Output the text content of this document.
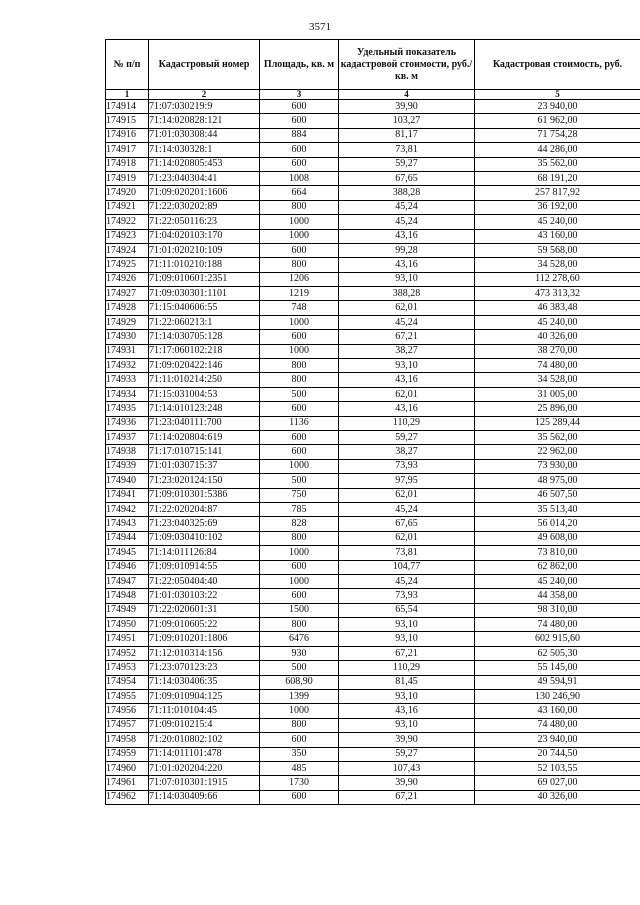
3571
№ п/п	Кадастровый номер	Площадь, кв. м	Удельный показатель кадастровой стоимости, руб./кв. м	Кадастровая стоимость, руб.
1	2	3	4	5
174914	71:07:030219:9	600	39,90	23 940,00
174915	71:14:020828:121	600	103,27	61 962,00
174916	71:01:030308:44	884	81,17	71 754,28
174917	71:14:030328:1	600	73,81	44 286,00
174918	71:14:020805:453	600	59,27	35 562,00
174919	71:23:040304:41	1008	67,65	68 191,20
174920	71:09:020201:1606	664	388,28	257 817,92
174921	71:22:030202:89	800	45,24	36 192,00
174922	71:22:050116:23	1000	45,24	45 240,00
174923	71:04:020103:170	1000	43,16	43 160,00
174924	71:01:020210:109	600	99,28	59 568,00
174925	71:11:010210:188	800	43,16	34 528,00
174926	71:09:010601:2351	1206	93,10	112 278,60
174927	71:09:030301:1101	1219	388,28	473 313,32
174928	71:15:040606:55	748	62,01	46 383,48
174929	71:22:060213:1	1000	45,24	45 240,00
174930	71:14:030705:128	600	67,21	40 326,00
174931	71:17:060102:218	1000	38,27	38 270,00
174932	71:09:020422:146	800	93,10	74 480,00
174933	71:11:010214:250	800	43,16	34 528,00
174934	71:15:031004:53	500	62,01	31 005,00
174935	71:14:010123:248	600	43,16	25 896,00
174936	71:23:040111:700	1136	110,29	125 289,44
174937	71:14:020804:619	600	59,27	35 562,00
174938	71:17:010715:141	600	38,27	22 962,00
174939	71:01:030715:37	1000	73,93	73 930,00
174940	71:23:020124:150	500	97,95	48 975,00
174941	71:09:010301:5386	750	62,01	46 507,50
174942	71:22:020204:87	785	45,24	35 513,40
174943	71:23:040325:69	828	67,65	56 014,20
174944	71:09:030410:102	800	62,01	49 608,00
174945	71:14:011126:84	1000	73,81	73 810,00
174946	71:09:010914:55	600	104,77	62 862,00
174947	71:22:050404:40	1000	45,24	45 240,00
174948	71:01:030103:22	600	73,93	44 358,00
174949	71:22:020601:31	1500	65,54	98 310,00
174950	71:09:010605:22	800	93,10	74 480,00
174951	71:09:010201:1806	6476	93,10	602 915,60
174952	71:12:010314:156	930	67,21	62 505,30
174953	71:23:070123:23	500	110,29	55 145,00
174954	71:14:030406:35	608,90	81,45	49 594,91
174955	71:09:010904:125	1399	93,10	130 246,90
174956	71:11:010104:45	1000	43,16	43 160,00
174957	71:09:010215:4	800	93,10	74 480,00
174958	71:20:010802:102	600	39,90	23 940,00
174959	71:14:011101:478	350	59,27	20 744,50
174960	71:01:020204:220	485	107,43	52 103,55
174961	71:07:010301:1915	1730	39,90	69 027,00
174962	71:14:030409:66	600	67,21	40 326,00
